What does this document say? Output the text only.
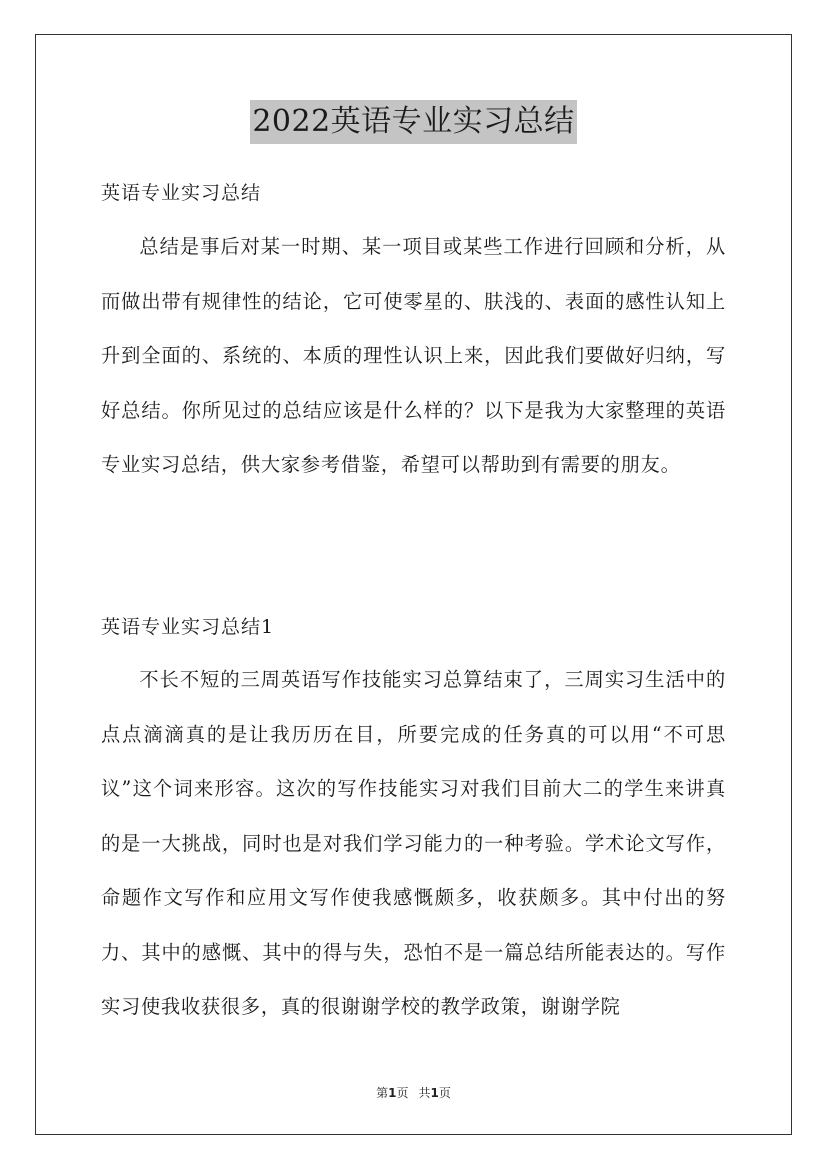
2022英语专业实习总结
英语专业实习总结

总结是事后对某一时期、某一项目或某些工作进行回顾和分析，从而做出带有规律性的结论，它可使零星的、肤浅的、表面的感性认知上升到全面的、系统的、本质的理性认识上来，因此我们要做好归纳，写好总结。你所见过的总结应该是什么样的？以下是我为大家整理的英语专业实习总结，供大家参考借鉴，希望可以帮助到有需要的朋友。

英语专业实习总结1

不长不短的三周英语写作技能实习总算结束了，三周实习生活中的点点滴滴真的是让我历历在目，所要完成的任务真的可以用“不可思议”这个词来形容。这次的写作技能实习对我们目前大二的学生来讲真的是一大挑战，同时也是对我们学习能力的一种考验。学术论文写作，命题作文写作和应用文写作使我感慨颇多，收获颇多。其中付出的努力、其中的感慨、其中的得与失，恐怕不是一篇总结所能表达的。写作实习使我收获很多，真的很谢谢学校的教学政策，谢谢学院

第1页 共1页
